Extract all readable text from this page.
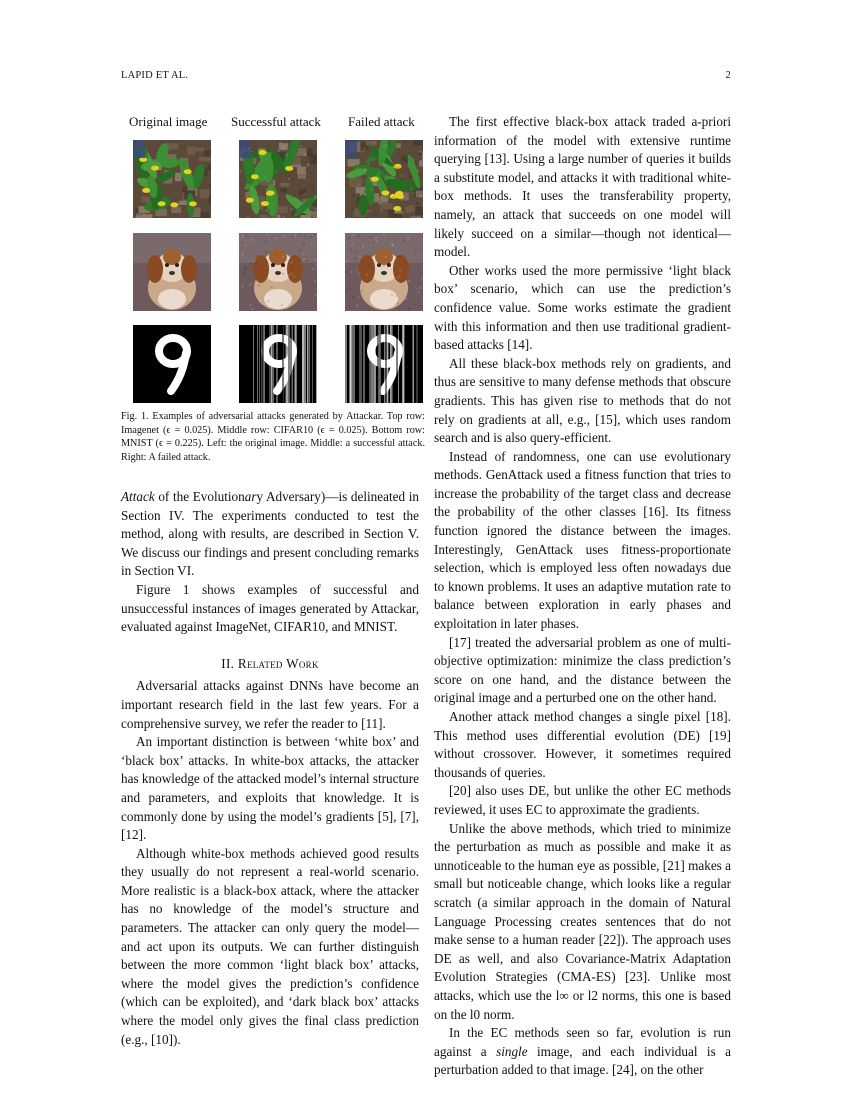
LAPID ET AL.	2
Original image Successful attack Failed attack
Fig. 1. Examples of adversarial attacks generated by Attackar. Top row: Imagenet (ϵ = 0.025). Middle row: CIFAR10 (ϵ = 0.025). Bottom row: MNIST (ϵ = 0.225). Left: the original image. Middle: a successful attack. Right: A failed attack.

Attack of the Evolutionary Adversary)—is delineated in Section IV. The experiments conducted to test the method, along with results, are described in Section V. We discuss our findings and present concluding remarks in Section VI.

Figure 1 shows examples of successful and unsuccessful instances of images generated by Attackar, evaluated against ImageNet, CIFAR10, and MNIST.

II. Related Work

Adversarial attacks against DNNs have become an important research field in the last few years. For a comprehensive survey, we refer the reader to [11].

An important distinction is between ‘white box’ and ‘black box’ attacks. In white-box attacks, the attacker has knowledge of the attacked model’s internal structure and parameters, and exploits that knowledge. It is commonly done by using the model’s gradients [5], [7], [12].

Although white-box methods achieved good results they usually do not represent a real-world scenario. More realistic is a black-box attack, where the attacker has no knowledge of the model’s structure and parameters. The attacker can only query the model—and act upon its outputs. We can further distinguish between the more common ‘light black box’ attacks, where the model gives the prediction’s confidence (which can be exploited), and ‘dark black box’ attacks where the model only gives the final class prediction (e.g., [10]).

The first effective black-box attack traded a-priori information of the model with extensive runtime querying [13]. Using a large number of queries it builds a substitute model, and attacks it with traditional white-box methods. It uses the transferability property, namely, an attack that succeeds on one model will likely succeed on a similar—though not identical—model.

Other works used the more permissive ‘light black box’ scenario, which can use the prediction’s confidence value. Some works estimate the gradient with this information and then use traditional gradient-based attacks [14].

All these black-box methods rely on gradients, and thus are sensitive to many defense methods that obscure gradients. This has given rise to methods that do not rely on gradients at all, e.g., [15], which uses random search and is also query-efficient.

Instead of randomness, one can use evolutionary methods. GenAttack used a fitness function that tries to increase the probability of the target class and decrease the probability of the other classes [16]. Its fitness function ignored the distance between the images. Interestingly, GenAttack uses fitness-proportionate selection, which is employed less often nowadays due to known problems. It uses an adaptive mutation rate to balance between exploration in early phases and exploitation in later phases.

[17] treated the adversarial problem as one of multi-objective optimization: minimize the class prediction’s score on one hand, and the distance between the original image and a perturbed one on the other hand.

Another attack method changes a single pixel [18]. This method uses differential evolution (DE) [19] without crossover. However, it sometimes required thousands of queries.

[20] also uses DE, but unlike the other EC methods reviewed, it uses EC to approximate the gradients.

Unlike the above methods, which tried to minimize the perturbation as much as possible and make it as unnoticeable to the human eye as possible, [21] makes a small but noticeable change, which looks like a regular scratch (a similar approach in the domain of Natural Language Processing creates sentences that do not make sense to a human reader [22]). The approach uses DE as well, and also Covariance-Matrix Adaptation Evolution Strategies (CMA-ES) [23]. Unlike most attacks, which use the l∞ or l2 norms, this one is based on the l0 norm.

In the EC methods seen so far, evolution is run against a single image, and each individual is a perturbation added to that image. [24], on the other
